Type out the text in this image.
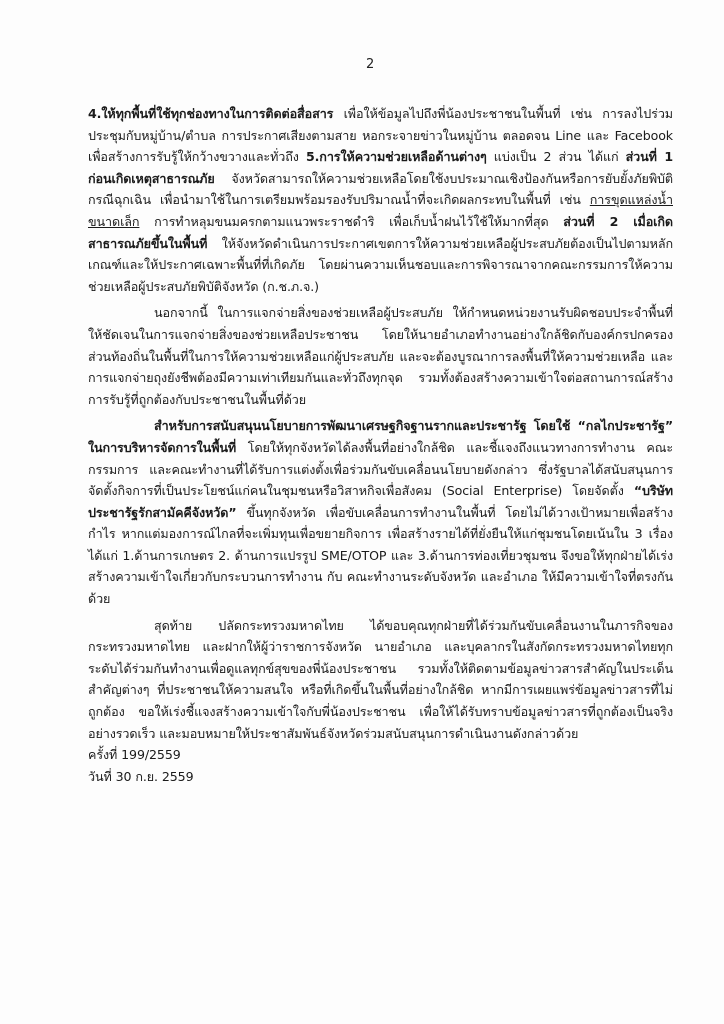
2

4.ให้ทุกพื้นที่ใช้ทุกช่องทางในการติดต่อสื่อสาร เพื่อให้ข้อมูลไปถึงพี่น้องประชาชนในพื้นที่ เช่น การลงไปร่วมประชุมกับหมู่บ้าน/ตำบล การประกาศเสียงตามสาย หอกระจายข่าวในหมู่บ้าน ตลอดจน Line และ Facebook เพื่อสร้างการรับรู้ให้กว้างขวางและทั่วถึง 5.การให้ความช่วยเหลือด้านต่างๆ แบ่งเป็น 2 ส่วน ได้แก่ ส่วนที่ 1 ก่อนเกิดเหตุสาธารณภัย จังหวัดสามารถให้ความช่วยเหลือโดยใช้งบประมาณเชิงป้องกันหรือการยับยั้งภัยพิบัติกรณีฉุกเฉิน เพื่อนำมาใช้ในการเตรียมพร้อมรองรับปริมาณน้ำที่จะเกิดผลกระทบในพื้นที่ เช่น การขุดแหล่งน้ำขนาดเล็ก การทำหลุมขนมครกตามแนวพระราชดำริ เพื่อเก็บน้ำฝนไว้ใช้ให้มากที่สุด ส่วนที่ 2 เมื่อเกิดสาธารณภัยขึ้นในพื้นที่ ให้จังหวัดดำเนินการประกาศเขตการให้ความช่วยเหลือผู้ประสบภัยต้องเป็นไปตามหลักเกณฑ์และให้ประกาศเฉพาะพื้นที่ที่เกิดภัย โดยผ่านความเห็นชอบและการพิจารณาจากคณะกรรมการให้ความช่วยเหลือผู้ประสบภัยพิบัติจังหวัด (ก.ช.ภ.จ.)

นอกจากนี้ ในการแจกจ่ายสิ่งของช่วยเหลือผู้ประสบภัย ให้กำหนดหน่วยงานรับผิดชอบประจำพื้นที่ให้ชัดเจนในการแจกจ่ายสิ่งของช่วยเหลือประชาชน โดยให้นายอำเภอทำงานอย่างใกล้ชิดกับองค์กรปกครองส่วนท้องถิ่นในพื้นที่ในการให้ความช่วยเหลือแก่ผู้ประสบภัย และจะต้องบูรณาการลงพื้นที่ให้ความช่วยเหลือ และการแจกจ่ายถุงยังชีพต้องมีความเท่าเทียมกันและทั่วถึงทุกจุด รวมทั้งต้องสร้างความเข้าใจต่อสถานการณ์สร้างการรับรู้ที่ถูกต้องกับประชาชนในพื้นที่ด้วย

สำหรับการสนับสนุนนโยบายการพัฒนาเศรษฐกิจฐานรากและประชารัฐ โดยใช้ “กลไกประชารัฐ” ในการบริหารจัดการในพื้นที่ โดยให้ทุกจังหวัดได้ลงพื้นที่อย่างใกล้ชิด และชี้แจงถึงแนวทางการทำงาน คณะกรรมการ และคณะทำงานที่ได้รับการแต่งตั้งเพื่อร่วมกันขับเคลื่อนนโยบายดังกล่าว ซึ่งรัฐบาลได้สนับสนุนการจัดตั้งกิจการที่เป็นประโยชน์แก่คนในชุมชนหรือวิสาหกิจเพื่อสังคม (Social Enterprise) โดยจัดตั้ง “บริษัทประชารัฐรักสามัคคีจังหวัด” ขึ้นทุกจังหวัด เพื่อขับเคลื่อนการทำงานในพื้นที่ โดยไม่ได้วางเป้าหมายเพื่อสร้างกำไร หากแต่มองการณ์ไกลที่จะเพิ่มทุนเพื่อขยายกิจการ เพื่อสร้างรายได้ที่ยั่งยืนให้แก่ชุมชนโดยเน้นใน 3 เรื่อง ได้แก่ 1.ด้านการเกษตร 2. ด้านการแปรรูป SME/OTOP และ 3.ด้านการท่องเที่ยวชุมชน จึงขอให้ทุกฝ่ายได้เร่งสร้างความเข้าใจเกี่ยวกับกระบวนการทำงาน กับ คณะทำงานระดับจังหวัด และอำเภอ ให้มีความเข้าใจที่ตรงกันด้วย

สุดท้าย ปลัดกระทรวงมหาดไทย ได้ขอบคุณทุกฝ่ายที่ได้ร่วมกันขับเคลื่อนงานในภารกิจของกระทรวงมหาดไทย และฝากให้ผู้ว่าราชการจังหวัด นายอำเภอ และบุคลากรในสังกัดกระทรวงมหาดไทยทุกระดับได้ร่วมกันทำงานเพื่อดูแลทุกข์สุขของพี่น้องประชาชน รวมทั้งให้ติดตามข้อมูลข่าวสารสำคัญในประเด็นสำคัญต่างๆ ที่ประชาชนให้ความสนใจ หรือที่เกิดขึ้นในพื้นที่อย่างใกล้ชิด หากมีการเผยแพร่ข้อมูลข่าวสารที่ไม่ถูกต้อง ขอให้เร่งชี้แจงสร้างความเข้าใจกับพี่น้องประชาชน เพื่อให้ได้รับทราบข้อมูลข่าวสารที่ถูกต้องเป็นจริงอย่างรวดเร็ว และมอบหมายให้ประชาสัมพันธ์จังหวัดร่วมสนับสนุนการดำเนินงานดังกล่าวด้วย

ครั้งที่ 199/2559
วันที่ 30 ก.ย. 2559
